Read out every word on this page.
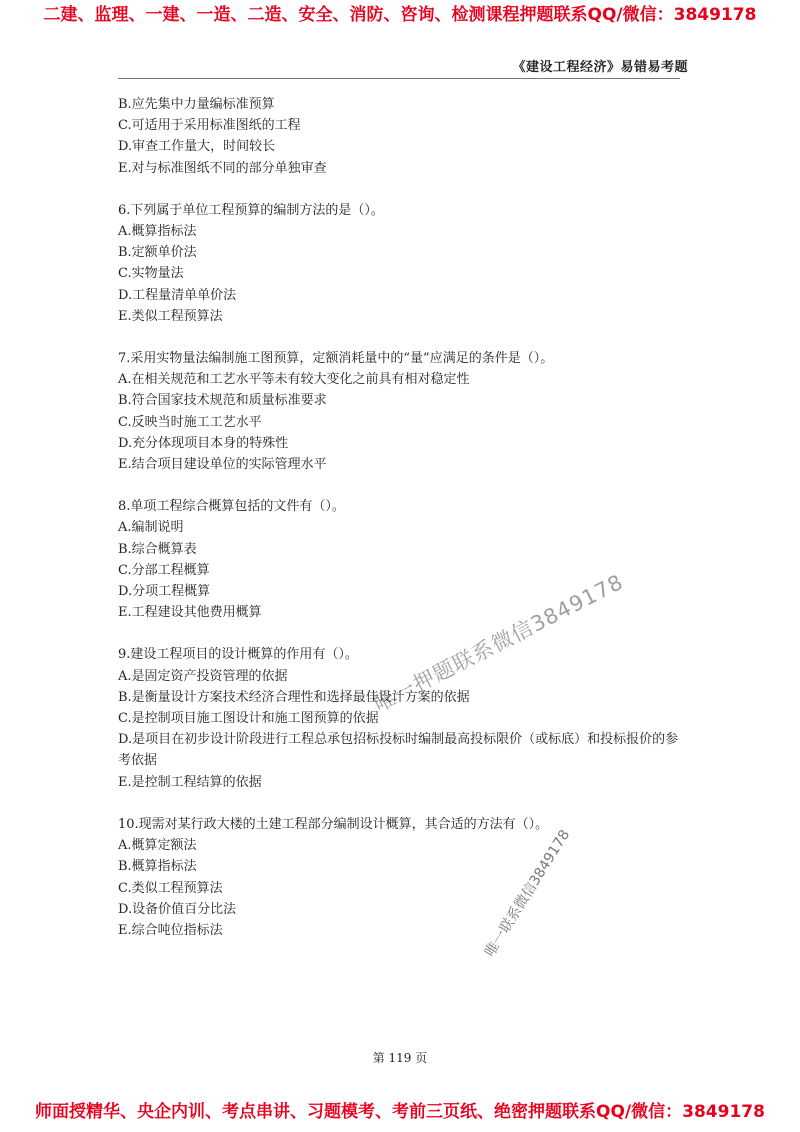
二建、监理、一建、一造、二造、安全、消防、咨询、检测课程押题联系QQ/微信：3849178
《建设工程经济》易错易考题
B.应先集中力量编标准预算
C.可适用于采用标准图纸的工程
D.审查工作量大，时间较长
E.对与标准图纸不同的部分单独审查
6.下列属于单位工程预算的编制方法的是（）。
A.概算指标法
B.定额单价法
C.实物量法
D.工程量清单单价法
E.类似工程预算法
7.采用实物量法编制施工图预算，定额消耗量中的“量”应满足的条件是（）。
A.在相关规范和工艺水平等未有较大变化之前具有相对稳定性
B.符合国家技术规范和质量标准要求
C.反映当时施工工艺水平
D.充分体现项目本身的特殊性
E.结合项目建设单位的实际管理水平
8.单项工程综合概算包括的文件有（）。
A.编制说明
B.综合概算表
C.分部工程概算
D.分项工程概算
E.工程建设其他费用概算
9.建设工程项目的设计概算的作用有（）。
A.是固定资产投资管理的依据
B.是衡量设计方案技术经济合理性和选择最佳设计方案的依据
C.是控制项目施工图设计和施工图预算的依据
D.是项目在初步设计阶段进行工程总承包招标投标时编制最高投标限价（或标底）和投标报价的参考依据
E.是控制工程结算的依据
10.现需对某行政大楼的土建工程部分编制设计概算，其合适的方法有（）。
A.概算定额法
B.概算指标法
C.类似工程预算法
D.设备价值百分比法
E.综合吨位指标法
唯一押题联系微信3849178
唯一联系微信3849178
第 119 页
师面授精华、央企内训、考点串讲、习题模考、考前三页纸、绝密押题联系QQ/微信：3849178
